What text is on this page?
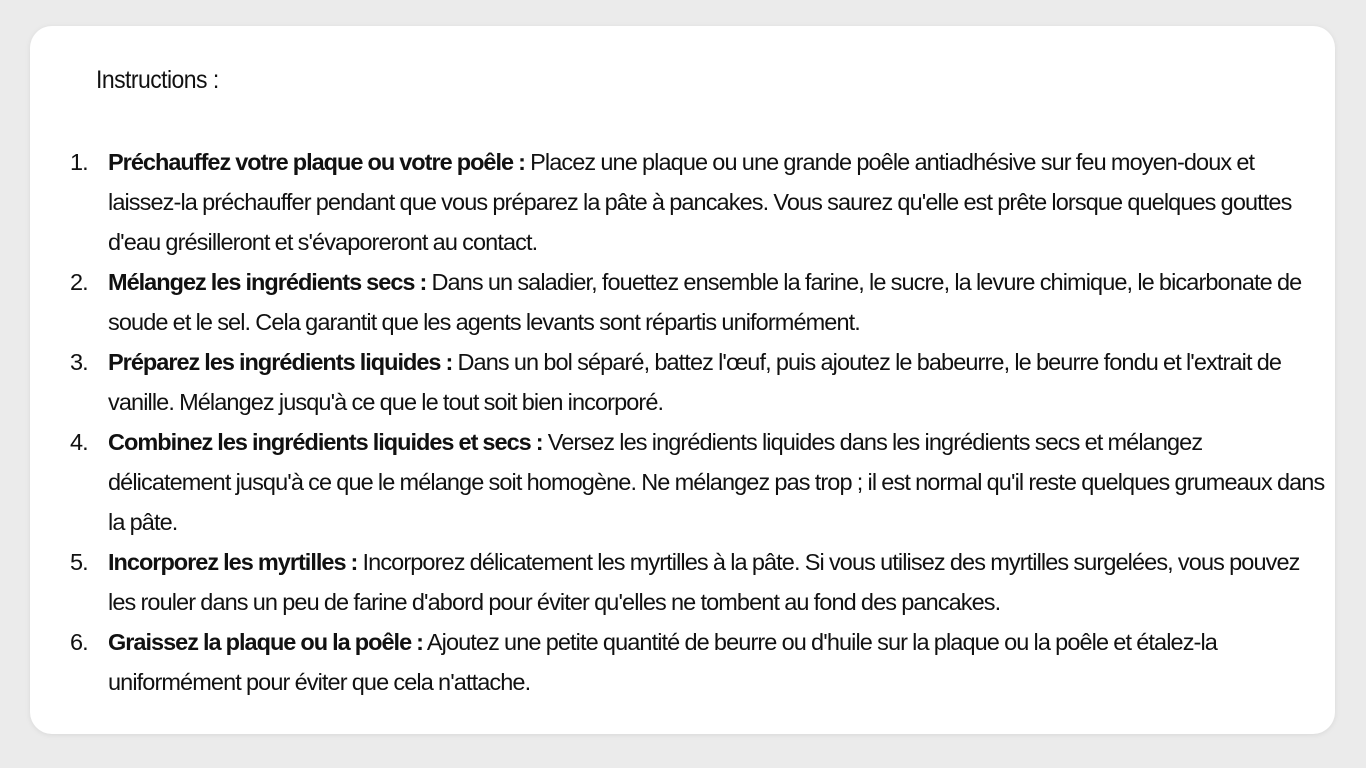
Instructions :
1. Préchauffez votre plaque ou votre poêle : Placez une plaque ou une grande poêle antiadhésive sur feu moyen-doux et laissez-la préchauffer pendant que vous préparez la pâte à pancakes. Vous saurez qu'elle est prête lorsque quelques gouttes d'eau grésilleront et s'évaporeront au contact.
2. Mélangez les ingrédients secs : Dans un saladier, fouettez ensemble la farine, le sucre, la levure chimique, le bicarbonate de soude et le sel. Cela garantit que les agents levants sont répartis uniformément.
3. Préparez les ingrédients liquides : Dans un bol séparé, battez l'œuf, puis ajoutez le babeurre, le beurre fondu et l'extrait de vanille. Mélangez jusqu'à ce que le tout soit bien incorporé.
4. Combinez les ingrédients liquides et secs : Versez les ingrédients liquides dans les ingrédients secs et mélangez délicatement jusqu'à ce que le mélange soit homogène. Ne mélangez pas trop ; il est normal qu'il reste quelques grumeaux dans la pâte.
5. Incorporez les myrtilles : Incorporez délicatement les myrtilles à la pâte. Si vous utilisez des myrtilles surgelées, vous pouvez les rouler dans un peu de farine d'abord pour éviter qu'elles ne tombent au fond des pancakes.
6. Graissez la plaque ou la poêle : Ajoutez une petite quantité de beurre ou d'huile sur la plaque ou la poêle et étalez-la uniformément pour éviter que cela n'attache.
